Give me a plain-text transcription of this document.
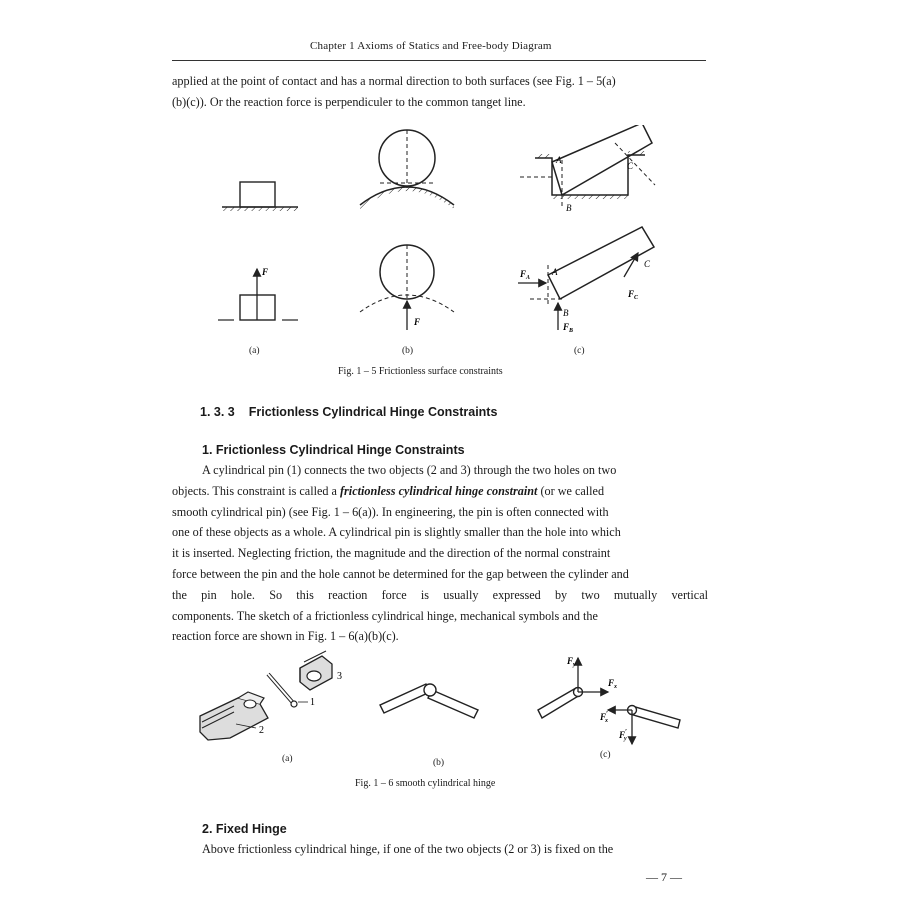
Chapter 1 Axioms of Statics and Free-body Diagram
applied at the point of contact and has a normal direction to both surfaces (see Fig. 1 – 5(a)
(b)(c)). Or the reaction force is perpendiculer to the common tanget line.
A
B
C
F
F
$F_A$
A
B
$F_B$
C
$F_C$
(a)	(b)	(c)
Fig. 1 – 5 Frictionless surface constraints
1. 3. 3 Frictionless Cylindrical Hinge Constraints
1. Frictionless Cylindrical Hinge Constraints
A cylindrical pin (1) connects the two objects (2 and 3) through the two holes on two
objects. This constraint is called a frictionless cylindrical hinge constraint (or we called
smooth cylindrical pin) (see Fig. 1 – 6(a)). In engineering, the pin is often connected with
one of these objects as a whole. A cylindrical pin is slightly smaller than the hole into which
it is inserted. Neglecting friction, the magnitude and the direction of the normal constraint
force between the pin and the hole cannot be determined for the gap between the cylinder and
the pin hole. So this reaction force is usually expressed by two mutually vertical
components. The sketch of a frictionless cylindrical hinge, mechanical symbols and the
reaction force are shown in Fig. 1 – 6(a)(b)(c).
3
1
2
$F_y$
$F_x$
F′ x
F′ y
(a)	(b)
(c)
Fig. 1 – 6 smooth cylindrical hinge
2. Fixed Hinge
Above frictionless cylindrical hinge, if one of the two objects (2 or 3) is fixed on the
— 7 —
